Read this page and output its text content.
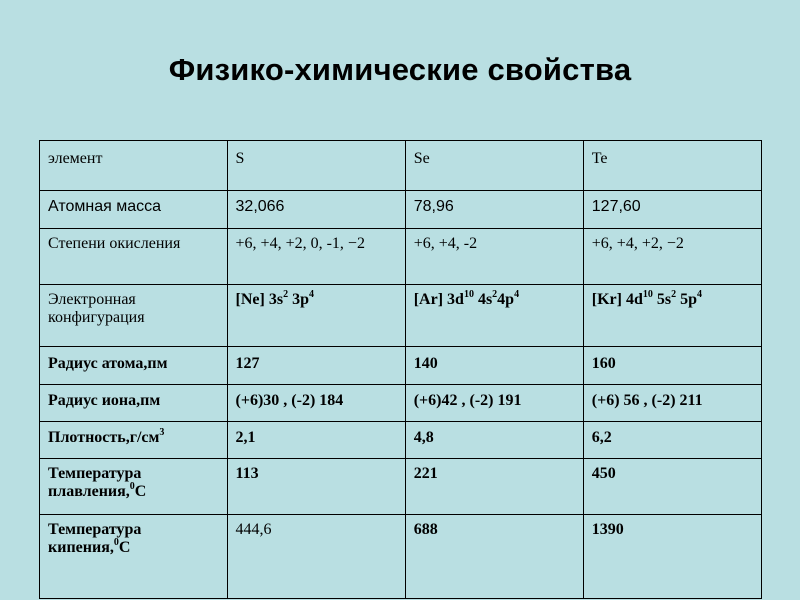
Физико-химические свойства
элемент	S	Se	Te
Атомная масса	32,066	78,96	127,60
Степени окисления	+6, +4, +2, 0, -1, −2	+6, +4, -2	+6, +4, +2, −2
Электронная конфигурация	[Ne] $3s^2$ $3p^4$	[Ar] $3d^{10}$ $4s^24p^4$	[Kr] $4d^{10}$ $5s^2$ $5p^4$
Радиус атома,пм	127	140	160
Радиус иона,пм	(+6)30 , (-2) 184	(+6)42 , (-2) 191	(+6) 56 , (-2) 211
$Плотность,г/см^3$	2,1	4,8	6,2
Температура плавления,$^0$С	113	221	450
Температура кипения,$^0$С	444,6	688	1390
